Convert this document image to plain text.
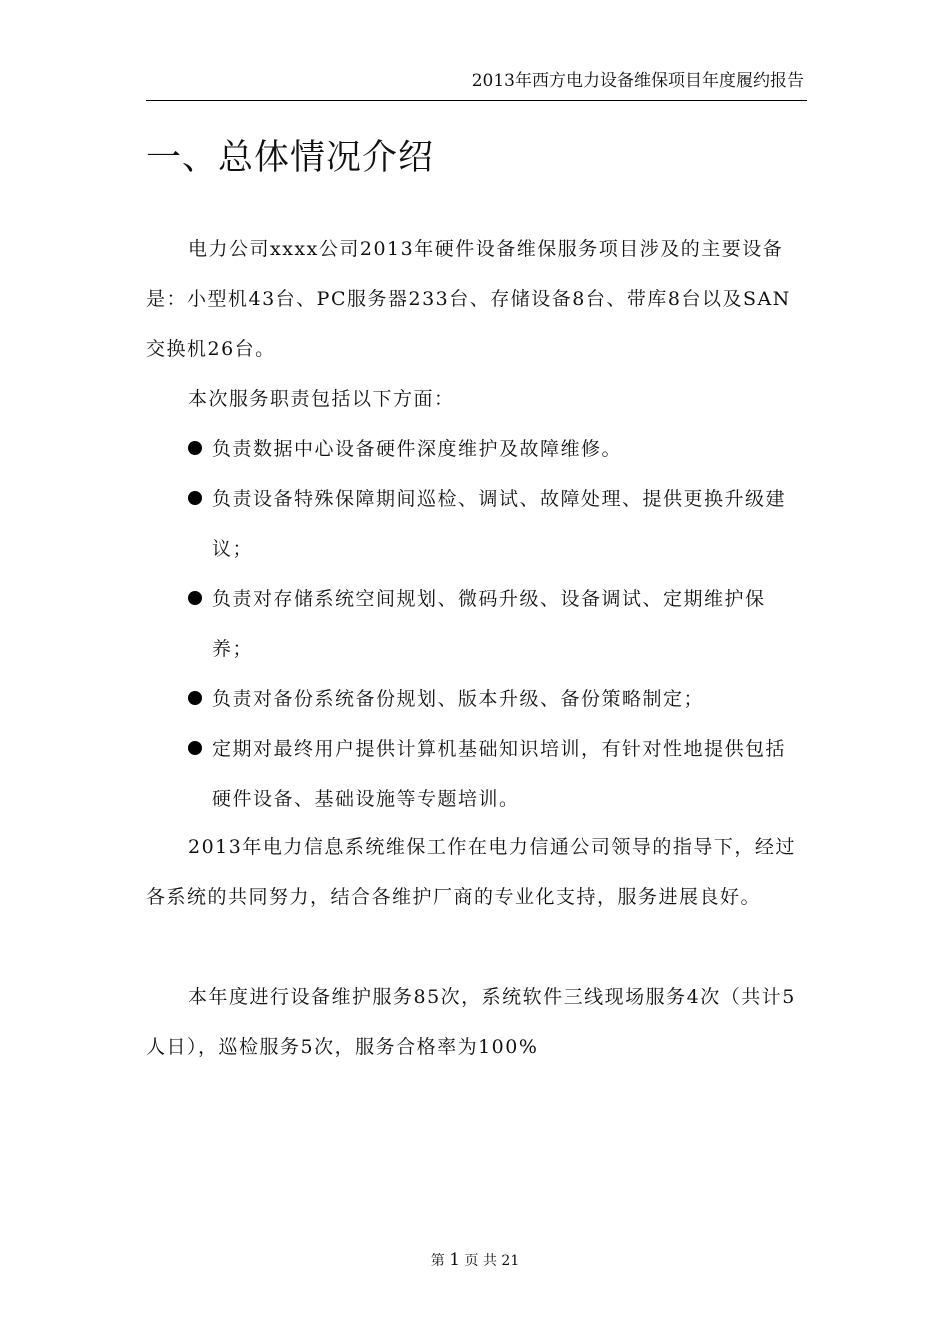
2013年西方电力设备维保项目年度履约报告
一、总体情况介绍

电力公司xxxx公司2013年硬件设备维保服务项目涉及的主要设备是：小型机43台、PC服务器233台、存储设备8台、带库8台以及SAN交换机26台。

本次服务职责包括以下方面：

负责数据中心设备硬件深度维护及故障维修。
负责设备特殊保障期间巡检、调试、故障处理、提供更换升级建议；
负责对存储系统空间规划、微码升级、设备调试、定期维护保养；
负责对备份系统备份规划、版本升级、备份策略制定；
定期对最终用户提供计算机基础知识培训，有针对性地提供包括硬件设备、基础设施等专题培训。

2013年电力信息系统维保工作在电力信通公司领导的指导下，经过各系统的共同努力，结合各维护厂商的专业化支持，服务进展良好。

本年度进行设备维护服务85次，系统软件三线现场服务4次（共计5人日），巡检服务5次，服务合格率为100%

第 1 页 共 21
